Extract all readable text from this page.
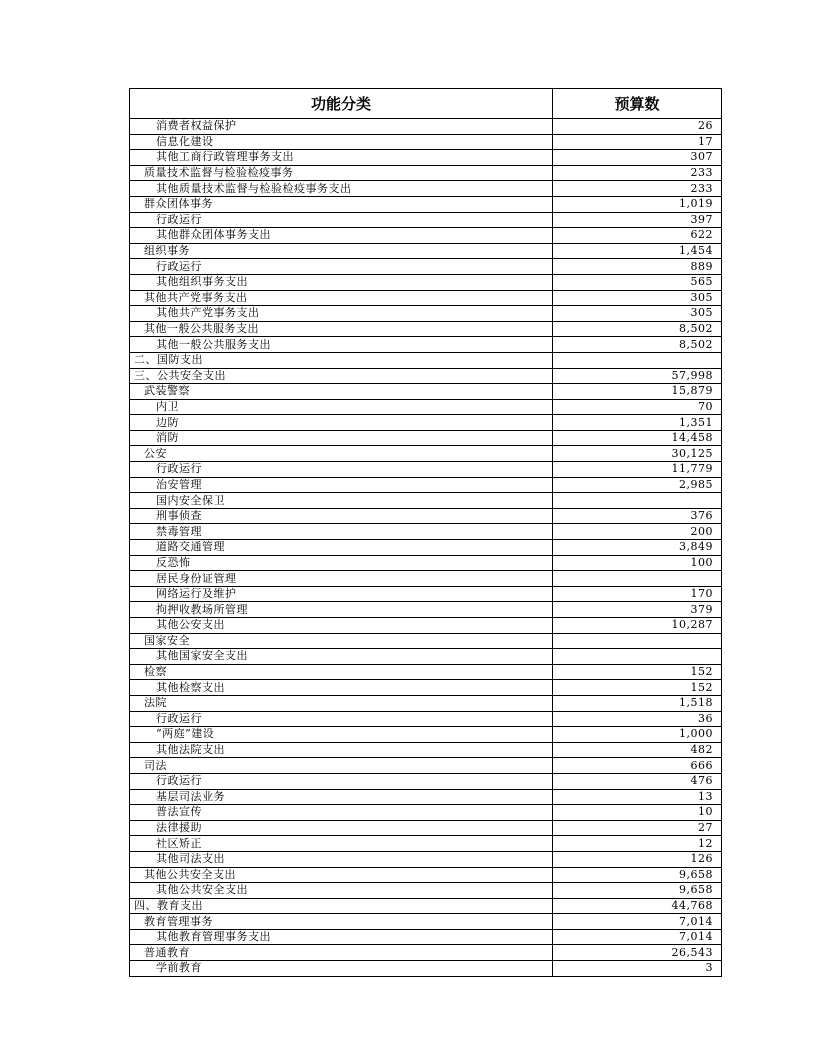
功能分类	预算数
消费者权益保护	26
信息化建设	17
其他工商行政管理事务支出	307
质量技术监督与检验检疫事务	233
其他质量技术监督与检验检疫事务支出	233
群众团体事务	1,019
行政运行	397
其他群众团体事务支出	622
组织事务	1,454
行政运行	889
其他组织事务支出	565
其他共产党事务支出	305
其他共产党事务支出	305
其他一般公共服务支出	8,502
其他一般公共服务支出	8,502
二、国防支出	
三、公共安全支出	57,998
武装警察	15,879
内卫	70
边防	1,351
消防	14,458
公安	30,125
行政运行	11,779
治安管理	2,985
国内安全保卫	
刑事侦查	376
禁毒管理	200
道路交通管理	3,849
反恐怖	100
居民身份证管理	
网络运行及维护	170
拘押收教场所管理	379
其他公安支出	10,287
国家安全	
其他国家安全支出	
检察	152
其他检察支出	152
法院	1,518
行政运行	36
“两庭”建设	1,000
其他法院支出	482
司法	666
行政运行	476
基层司法业务	13
普法宣传	10
法律援助	27
社区矫正	12
其他司法支出	126
其他公共安全支出	9,658
其他公共安全支出	9,658
四、教育支出	44,768
教育管理事务	7,014
其他教育管理事务支出	7,014
普通教育	26,543
学前教育	3
